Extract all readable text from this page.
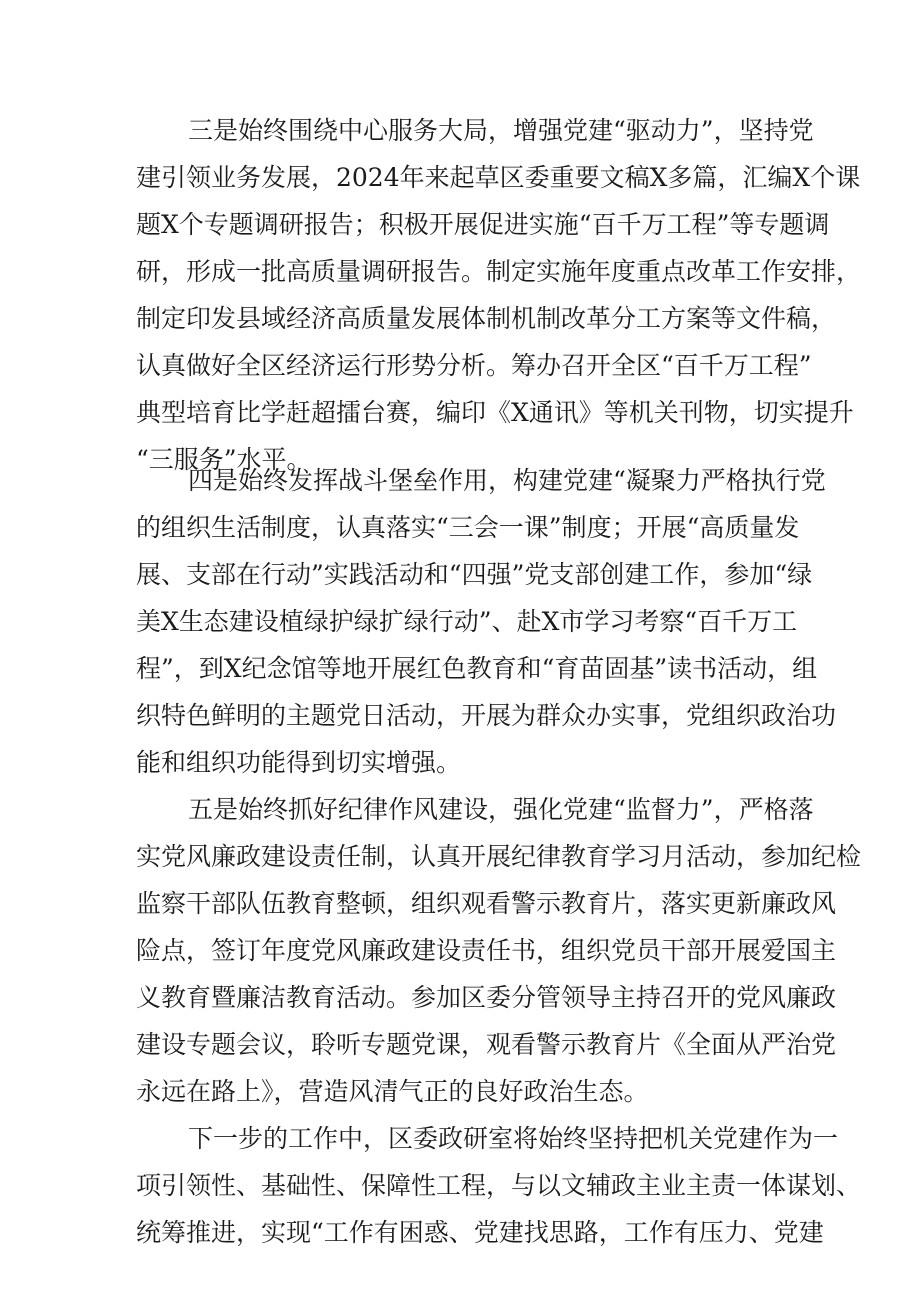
三是始终围绕中心服务大局，增强党建“驱动力”，坚持党
建引领业务发展，2024年来起草区委重要文稿X多篇，汇编X个课
题X个专题调研报告；积极开展促进实施“百千万工程”等专题调
研，形成一批高质量调研报告。制定实施年度重点改革工作安排，
制定印发县域经济高质量发展体制机制改革分工方案等文件稿，
认真做好全区经济运行形势分析。筹办召开全区“百千万工程”
典型培育比学赶超擂台赛，编印《X通讯》等机关刊物，切实提升
“三服务”水平。
四是始终发挥战斗堡垒作用，构建党建“凝聚力严格执行党
的组织生活制度，认真落实“三会一课”制度；开展“高质量发
展、支部在行动”实践活动和“四强”党支部创建工作，参加“绿
美X生态建设植绿护绿扩绿行动”、赴X市学习考察“百千万工
程”，到X纪念馆等地开展红色教育和“育苗固基”读书活动，组
织特色鲜明的主题党日活动，开展为群众办实事，党组织政治功
能和组织功能得到切实增强。
五是始终抓好纪律作风建设，强化党建“监督力”，严格落
实党风廉政建设责任制，认真开展纪律教育学习月活动，参加纪检
监察干部队伍教育整顿，组织观看警示教育片，落实更新廉政风
险点，签订年度党风廉政建设责任书，组织党员干部开展爱国主
义教育暨廉洁教育活动。参加区委分管领导主持召开的党风廉政
建设专题会议，聆听专题党课，观看警示教育片《全面从严治党
永远在路上》，营造风清气正的良好政治生态。
下一步的工作中，区委政研室将始终坚持把机关党建作为一
项引领性、基础性、保障性工程，与以文辅政主业主责一体谋划、
统筹推进，实现“工作有困惑、党建找思路，工作有压力、党建
